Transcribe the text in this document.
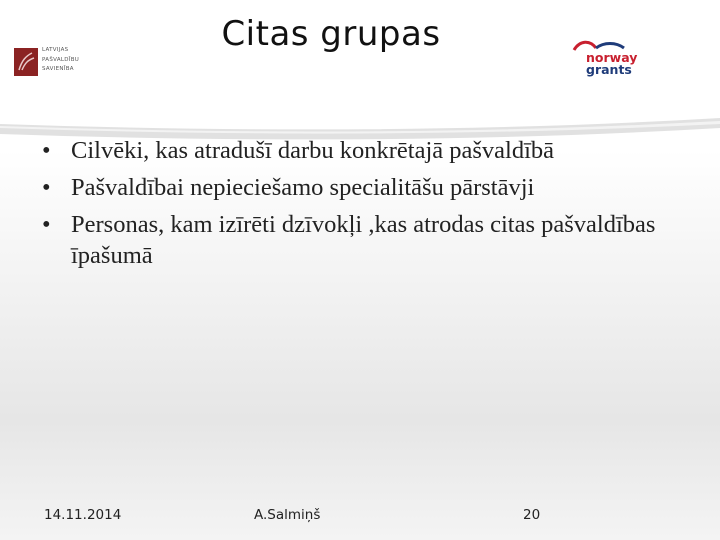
LATVIJAS
PAŠVALDĪBU
SAVIENĪBA
Citas grupas
norway
grants
• Cilvēki, kas atradušī darbu konkrētajā pašvaldībā
• Pašvaldībai nepieciešamo specialitāšu pārstāvji
• Personas, kam izīrēti dzīvokļi ,kas atrodas citas pašvaldības īpašumā
14.11.2014	A.Salmiņš	20
